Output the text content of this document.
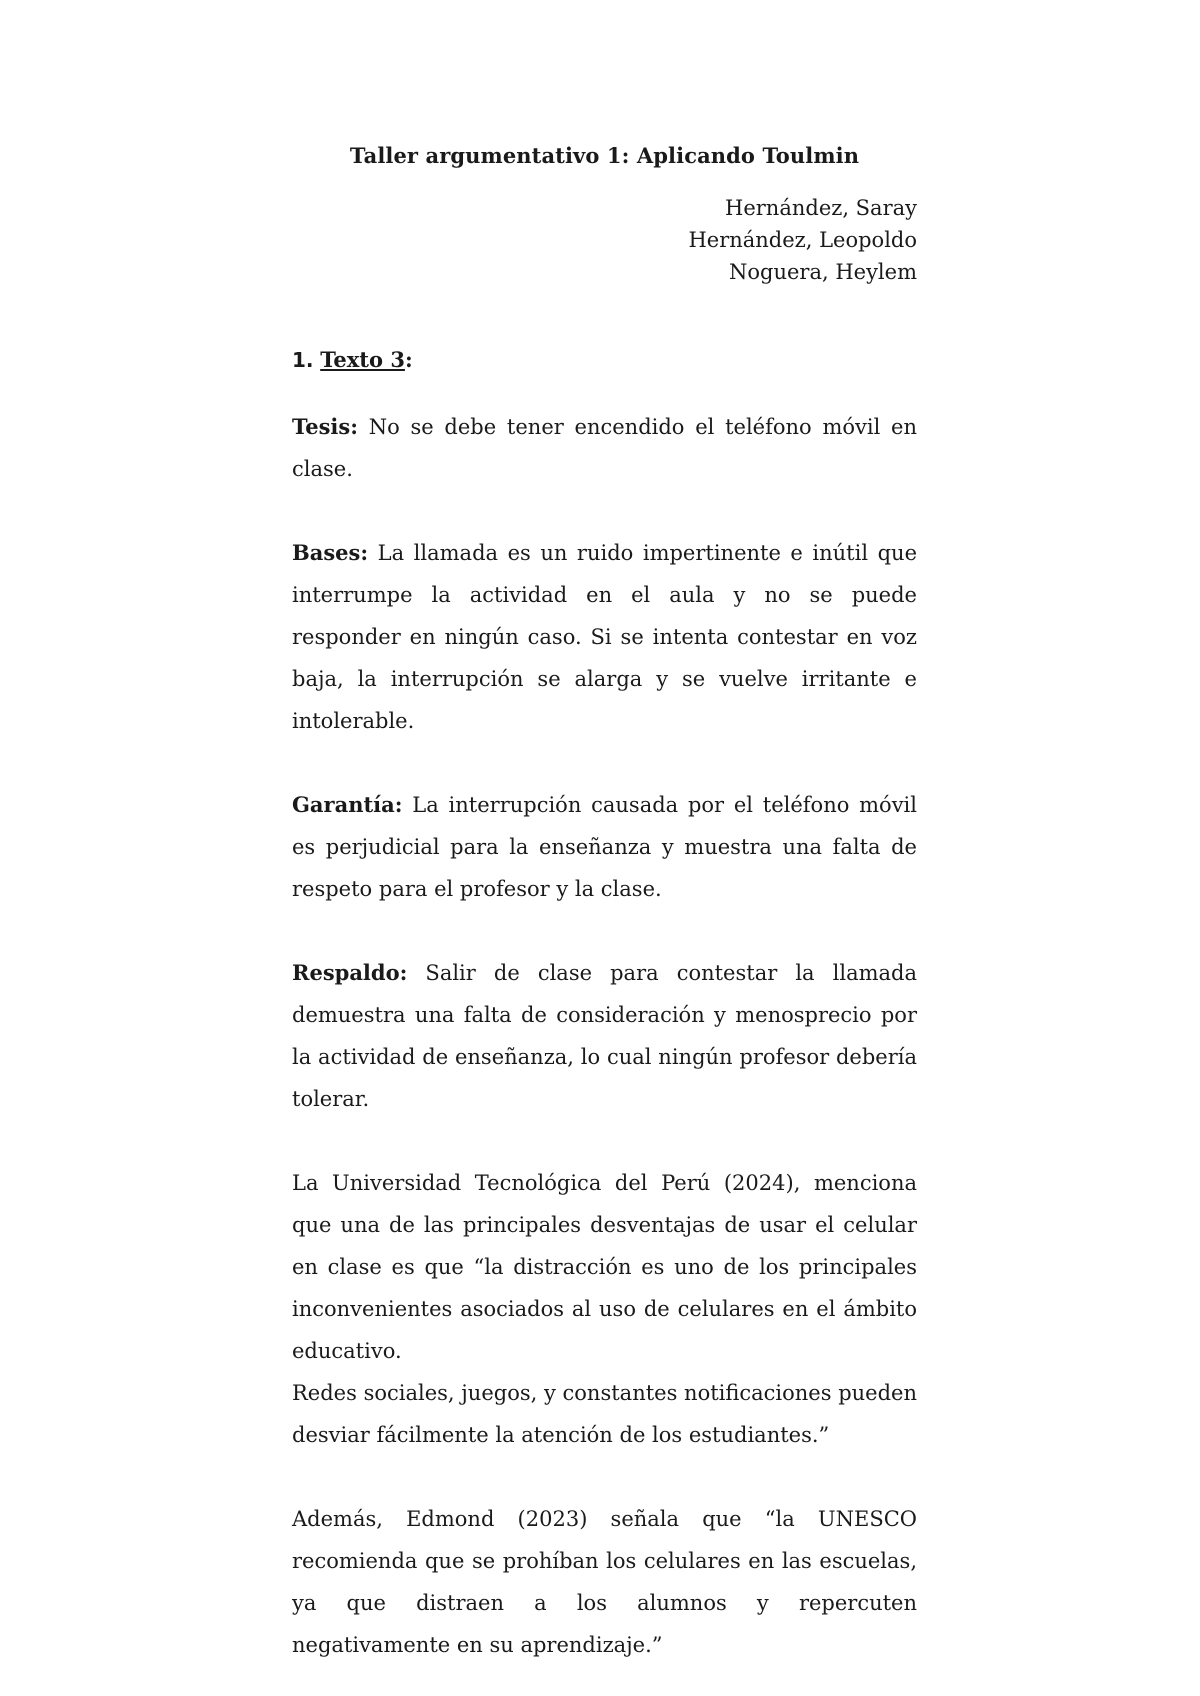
Taller argumentativo 1: Aplicando Toulmin
Hernández, Saray
Hernández, Leopoldo
Noguera, Heylem
1. Texto 3:

Tesis: No se debe tener encendido el teléfono móvil en clase.

Bases: La llamada es un ruido impertinente e inútil que interrumpe la actividad en el aula y no se puede responder en ningún caso. Si se intenta contestar en voz baja, la interrupción se alarga y se vuelve irritante e intolerable.

Garantía: La interrupción causada por el teléfono móvil es perjudicial para la enseñanza y muestra una falta de respeto para el profesor y la clase.

Respaldo: Salir de clase para contestar la llamada demuestra una falta de consideración y menosprecio por la actividad de enseñanza, lo cual ningún profesor debería tolerar.

La Universidad Tecnológica del Perú (2024), menciona que una de las principales desventajas de usar el celular en clase es que “la distracción es uno de los principales inconvenientes asociados al uso de celulares en el ámbito educativo.

Redes sociales, juegos, y constantes notificaciones pueden desviar fácilmente la atención de los estudiantes.”

Además, Edmond (2023) señala que “la UNESCO recomienda que se prohíban los celulares en las escuelas, ya que distraen a los alumnos y repercuten negativamente en su aprendizaje.”
